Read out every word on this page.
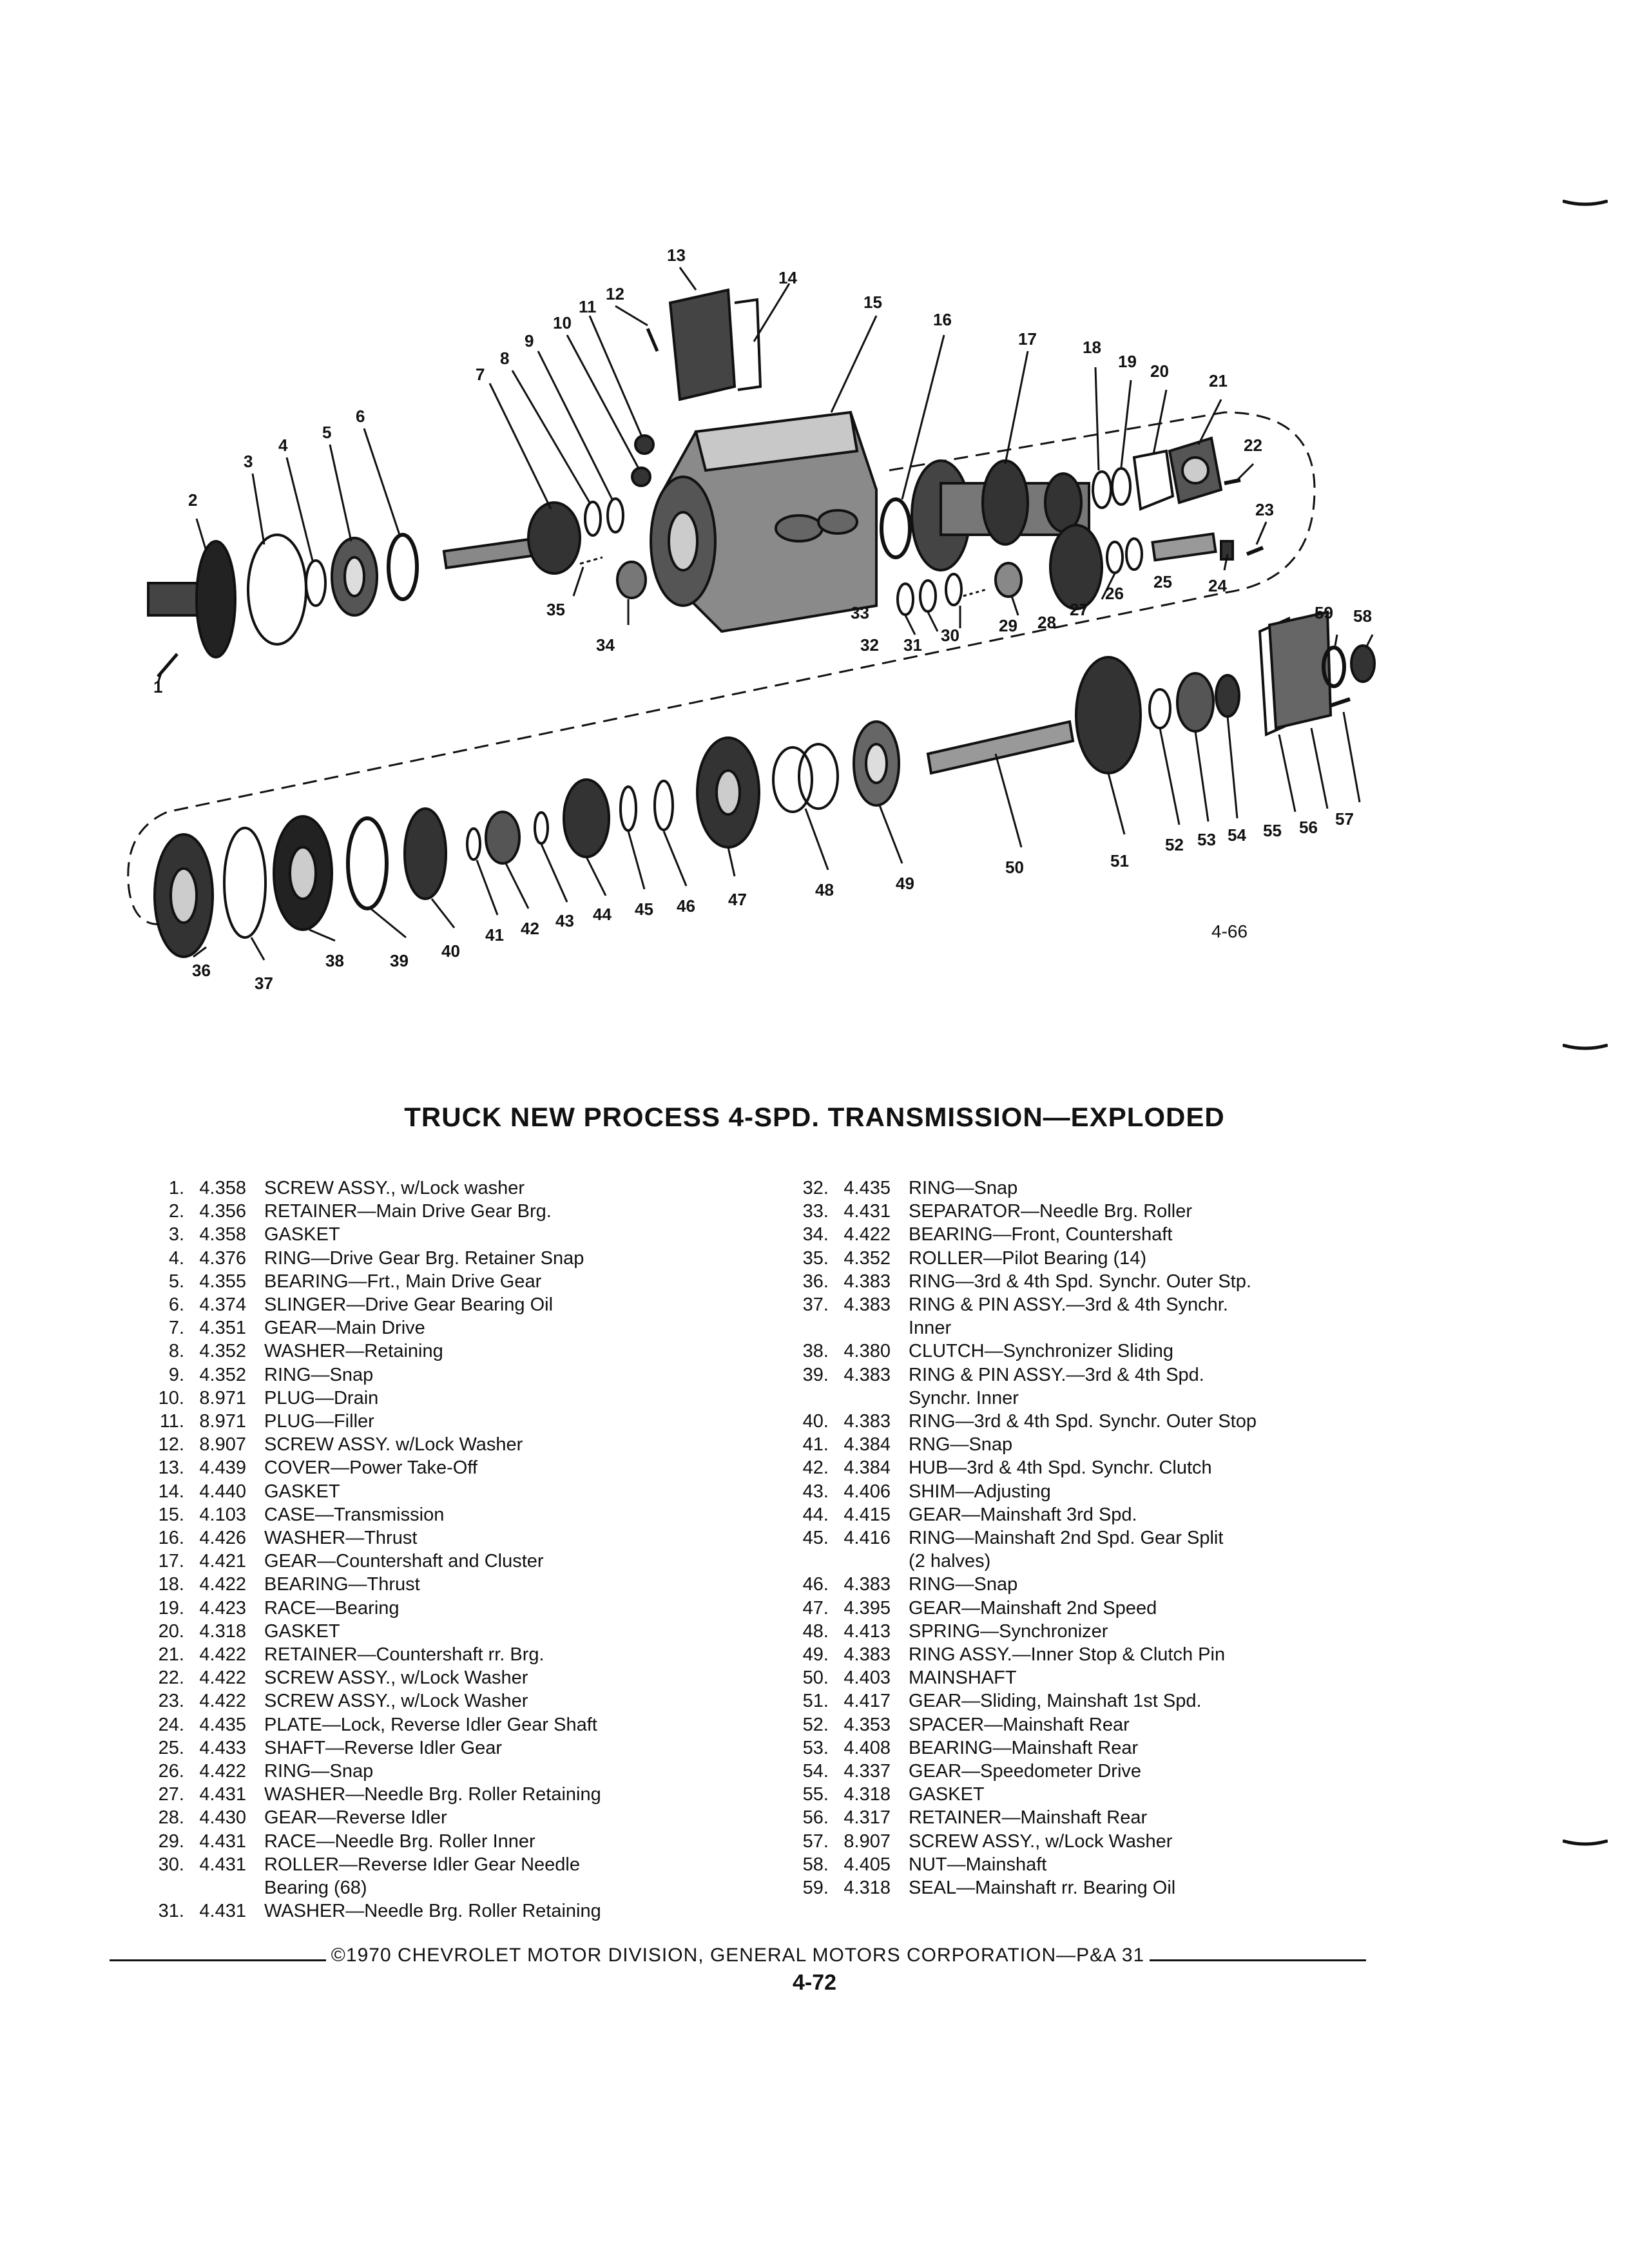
1
2
3
4
5
6
7
8
9
10
11
12
13
14
15
16
17	18
19 20 21
22
23
24
25
26
27
28
29
30
31
32
33
34
35
36
37
38	39 40
41 42 43 44 45 46 47	48	49
50	51
52 53 54 55 56 57
58
59
4-66
TRUCK NEW PROCESS 4-SPD. TRANSMISSION—EXPLODED
1. 4.358 SCREW ASSY., w/Lock washer
2. 4.356 RETAINER—Main Drive Gear Brg.
3. 4.358 GASKET
4. 4.376 RING—Drive Gear Brg. Retainer Snap
5. 4.355 BEARING—Frt., Main Drive Gear
6. 4.374 SLINGER—Drive Gear Bearing Oil
7. 4.351 GEAR—Main Drive
8. 4.352 WASHER—Retaining
9. 4.352 RING—Snap
10. 8.971 PLUG—Drain
11. 8.971 PLUG—Filler
12. 8.907 SCREW ASSY. w/Lock Washer
13. 4.439 COVER—Power Take-Off
14. 4.440 GASKET
15. 4.103 CASE—Transmission
16. 4.426 WASHER—Thrust
17. 4.421 GEAR—Countershaft and Cluster
18. 4.422 BEARING—Thrust
19. 4.423 RACE—Bearing
20. 4.318 GASKET
21. 4.422 RETAINER—Countershaft rr. Brg.
22. 4.422 SCREW ASSY., w/Lock Washer
23. 4.422 SCREW ASSY., w/Lock Washer
24. 4.435 PLATE—Lock, Reverse Idler Gear Shaft
25. 4.433 SHAFT—Reverse Idler Gear
26. 4.422 RING—Snap
27. 4.431 WASHER—Needle Brg. Roller Retaining
28. 4.430 GEAR—Reverse Idler
29. 4.431 RACE—Needle Brg. Roller Inner
30. 4.431 ROLLER—Reverse Idler Gear Needle
Bearing (68)
31. 4.431 WASHER—Needle Brg. Roller Retaining
32. 4.435 RING—Snap
33. 4.431 SEPARATOR—Needle Brg. Roller
34. 4.422 BEARING—Front, Countershaft
35. 4.352 ROLLER—Pilot Bearing (14)
36. 4.383 RING—3rd & 4th Spd. Synchr. Outer Stp.
37. 4.383 RING & PIN ASSY.—3rd & 4th Synchr.
Inner
38. 4.380 CLUTCH—Synchronizer Sliding
39. 4.383 RING & PIN ASSY.—3rd & 4th Spd.
Synchr. Inner
40. 4.383 RING—3rd & 4th Spd. Synchr. Outer Stop
41. 4.384 RNG—Snap
42. 4.384 HUB—3rd & 4th Spd. Synchr. Clutch
43. 4.406 SHIM—Adjusting
44. 4.415 GEAR—Mainshaft 3rd Spd.
45. 4.416 RING—Mainshaft 2nd Spd. Gear Split
(2 halves)
46. 4.383 RING—Snap
47. 4.395 GEAR—Mainshaft 2nd Speed
48. 4.413 SPRING—Synchronizer
49. 4.383 RING ASSY.—Inner Stop & Clutch Pin
50. 4.403 MAINSHAFT
51. 4.417 GEAR—Sliding, Mainshaft 1st Spd.
52. 4.353 SPACER—Mainshaft Rear
53. 4.408 BEARING—Mainshaft Rear
54. 4.337 GEAR—Speedometer Drive
55. 4.318 GASKET
56. 4.317 RETAINER—Mainshaft Rear
57. 8.907 SCREW ASSY., w/Lock Washer
58. 4.405 NUT—Mainshaft
59. 4.318 SEAL—Mainshaft rr. Bearing Oil
©1970 CHEVROLET MOTOR DIVISION, GENERAL MOTORS CORPORATION—P&A 31
4-72
